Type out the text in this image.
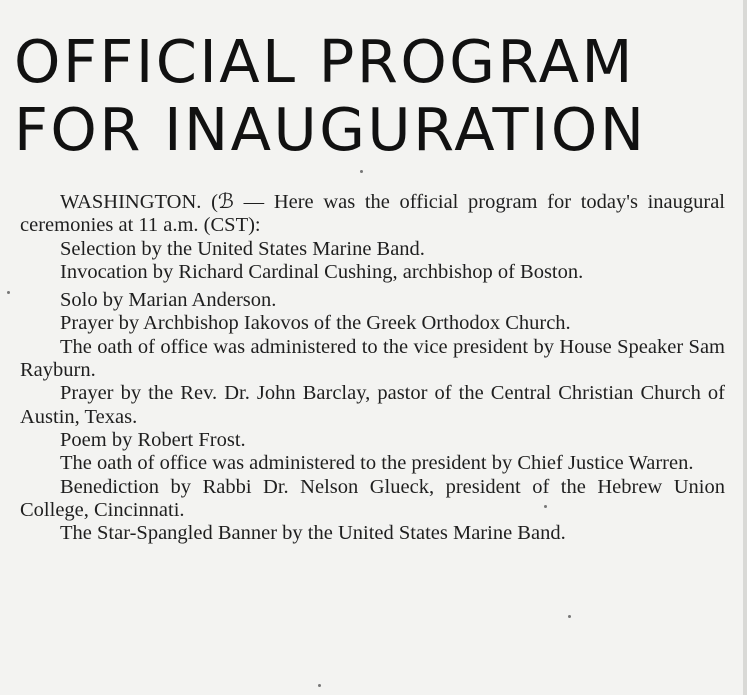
OFFICIAL PROGRAM
FOR INAUGURATION

WASHINGTON. (ℬ — Here was the official program for today's inaugural ceremonies at 11 a.m. (CST):

Selection by the United States Marine Band.

Invocation by Richard Cardinal Cushing, archbishop of Boston.

Solo by Marian Anderson.

Prayer by Archbishop Iakovos of the Greek Orthodox Church.

The oath of office was administered to the vice president by House Speaker Sam Rayburn.

Prayer by the Rev. Dr. John Barclay, pastor of the Central Christian Church of Austin, Texas.

Poem by Robert Frost.

The oath of office was administered to the president by Chief Justice Warren.

Benediction by Rabbi Dr. Nelson Glueck, president of the Hebrew Union College, Cincinnati.

The Star-Spangled Banner by the United States Marine Band.
